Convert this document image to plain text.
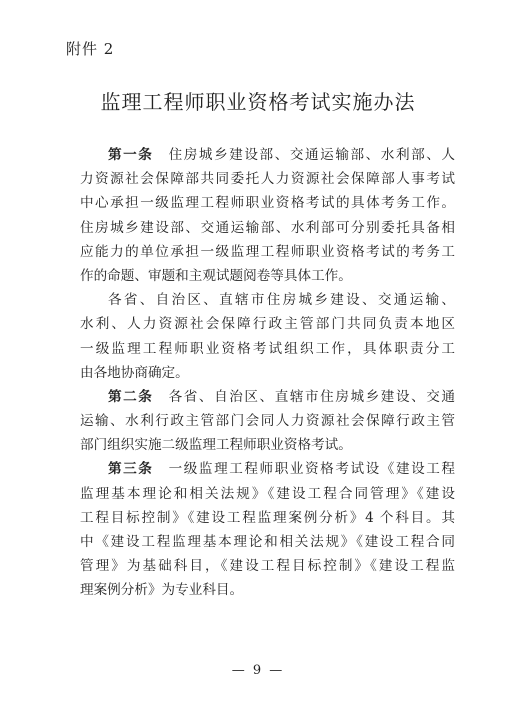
附件 2
监理工程师职业资格考试实施办法
第一条  住房城乡建设部、交通运输部、水利部、人
力资源社会保障部共同委托人力资源社会保障部人事考试
中心承担一级监理工程师职业资格考试的具体考务工作。
住房城乡建设部、交通运输部、水利部可分别委托具备相
应能力的单位承担一级监理工程师职业资格考试的考务工
作的命题、审题和主观试题阅卷等具体工作。
各省、自治区、直辖市住房城乡建设、交通运输、
水利、人力资源社会保障行政主管部门共同负责本地区
一级监理工程师职业资格考试组织工作，具体职责分工
由各地协商确定。
第二条  各省、自治区、直辖市住房城乡建设、交通
运输、水利行政主管部门会同人力资源社会保障行政主管
部门组织实施二级监理工程师职业资格考试。
第三条  一级监理工程师职业资格考试设《建设工程
监理基本理论和相关法规》《建设工程合同管理》《建设
工程目标控制》《建设工程监理案例分析》4 个科目。其
中《建设工程监理基本理论和相关法规》《建设工程合同
管理》为基础科目，《建设工程目标控制》《建设工程监
理案例分析》为专业科目。
— 9 —
